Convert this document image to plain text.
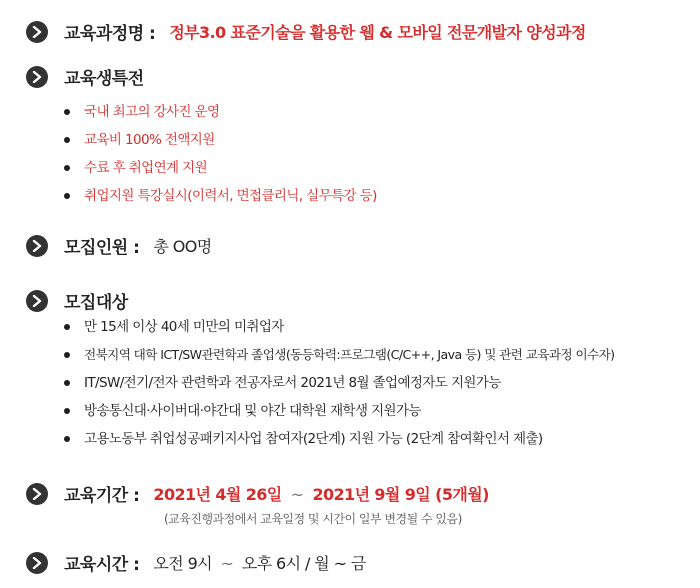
교육과정명 : 정부3.0 표준기술을 활용한 웹 & 모바일 전문개발자 양성과정
교육생특전
국내 최고의 강사진 운영
교육비 100% 전액지원
수료 후 취업연계 지원
취업지원 특강실시(이력서, 면접클리닉, 실무특강 등)
모집인원 : 총 OO명
모집대상
만 15세 이상 40세 미만의 미취업자
전북지역 대학 ICT/SW관련학과 졸업생(동등학력:프로그램(C/C++, Java 등) 및 관련 교육과정 이수자)
IT/SW/전기/전자 관련학과 전공자로서 2021년 8월 졸업예정자도 지원가능
방송통신대·사이버대·야간대 및 야간 대학원 재학생 지원가능
고용노동부 취업성공패키지사업 참여자(2단계) 지원 가능 (2단계 참여확인서 제출)
교육기간 : 2021년 4월 26일 ~ 2021년 9월 9일 (5개월)
(교육진행과정에서 교육일정 및 시간이 일부 변경될 수 있음)
교육시간 : 오전 9시 ~ 오후 6시 / 월 ~ 금
